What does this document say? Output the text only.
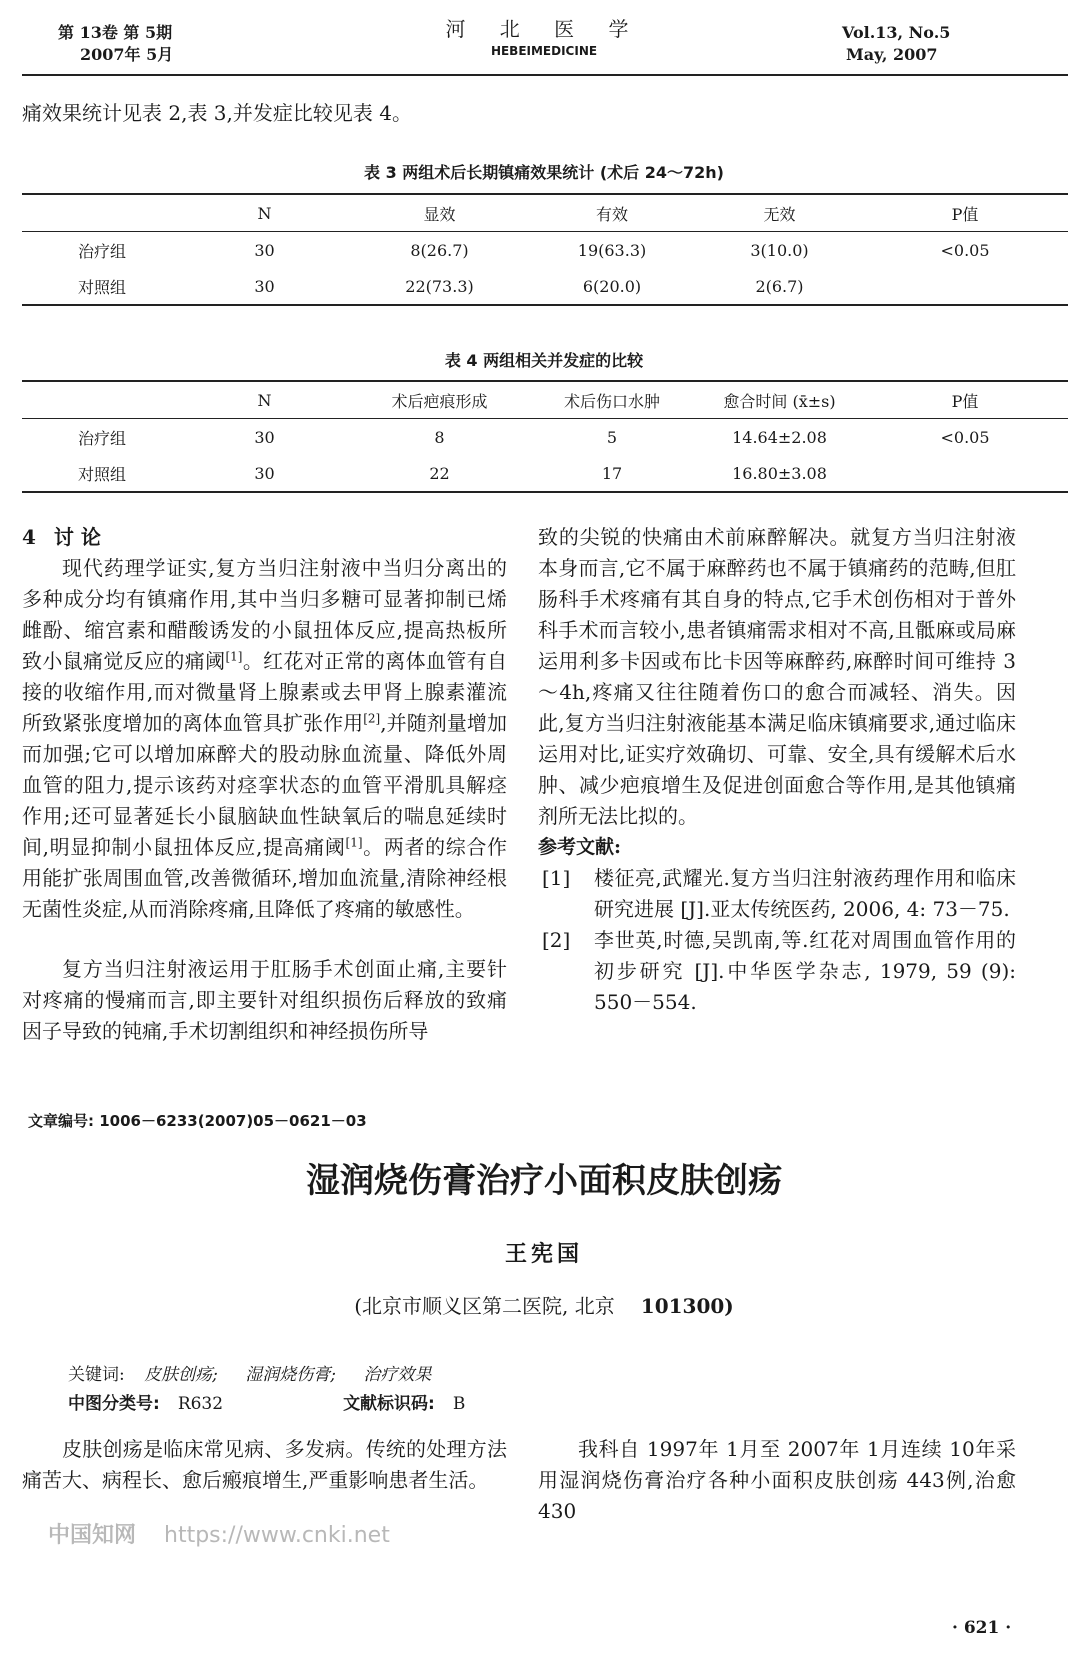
第 13卷 第 5期
2007年 5月
河 北 医 学
HEBEIMEDICINE
Vol.13, No.5
May, 2007
痛效果统计见表 2,表 3,并发症比较见表 4。
表 3 两组术后长期镇痛效果统计 (术后 24～72h)
	N	显效	有效	无效	P值
治疗组	30	8(26.7)	19(63.3)	3(10.0)	<0.05
对照组	30	22(73.3)	6(20.0)	2(6.7)	
表 4 两组相关并发症的比较
	N	术后疤痕形成	术后伤口水肿	愈合时间 (x̄±s)	P值
治疗组	30	8	5	14.64±2.08	<0.05
对照组	30	22	17	16.80±3.08	

4 讨 论

现代药理学证实,复方当归注射液中当归分离出的多种成分均有镇痛作用,其中当归多糖可显著抑制已烯雌酚、缩宫素和醋酸诱发的小鼠扭体反应,提高热板所致小鼠痛觉反应的痛阈[1]。红花对正常的离体血管有自接的收缩作用,而对微量肾上腺素或去甲肾上腺素灌流所致紧张度增加的离体血管具扩张作用[2],并随剂量增加而加强;它可以增加麻醉犬的股动脉血流量、降低外周血管的阻力,提示该药对痉挛状态的血管平滑肌具解痉作用;还可显著延长小鼠脑缺血性缺氧后的喘息延续时间,明显抑制小鼠扭体反应,提高痛阈[1]。两者的综合作用能扩张周围血管,改善微循环,增加血流量,清除神经根无菌性炎症,从而消除疼痛,且降低了疼痛的敏感性。

复方当归注射液运用于肛肠手术创面止痛,主要针对疼痛的慢痛而言,即主要针对组织损伤后释放的致痛因子导致的钝痛,手术切割组织和神经损伤所导

致的尖锐的快痛由术前麻醉解决。就复方当归注射液本身而言,它不属于麻醉药也不属于镇痛药的范畴,但肛肠科手术疼痛有其自身的特点,它手术创伤相对于普外科手术而言较小,患者镇痛需求相对不高,且骶麻或局麻运用利多卡因或布比卡因等麻醉药,麻醉时间可维持 3～4h,疼痛又往往随着伤口的愈合而减轻、消失。因此,复方当归注射液能基本满足临床镇痛要求,通过临床运用对比,证实疗效确切、可靠、安全,具有缓解术后水肿、减少疤痕增生及促进创面愈合等作用,是其他镇痛剂所无法比拟的。

参考文献:

[1]	楼征亮,武耀光.复方当归注射液药理作用和临床研究进展 [J].亚太传统医药, 2006, 4: 73－75.
[2]	李世英,时德,吴凯南,等.红花对周围血管作用的初步研究 [J].中华医学杂志, 1979, 59 (9): 550－554.
文章编号: 1006－6233(2007)05－0621－03
湿润烧伤膏治疗小面积皮肤创疡
王宪国
(北京市顺义区第二医院, 北京 101300)
关键词: 皮肤创疡; 湿润烧伤膏; 治疗效果
中图分类号: R632	文献标识码: B

皮肤创疡是临床常见病、多发病。传统的处理方法痛苦大、病程长、愈后瘢痕增生,严重影响患者生活。

我科自 1997年 1月至 2007年 1月连续 10年采用湿润烧伤膏治疗各种小面积皮肤创疡 443例,治愈 430

中国知网 https://www.cnki.net
· 621 ·
